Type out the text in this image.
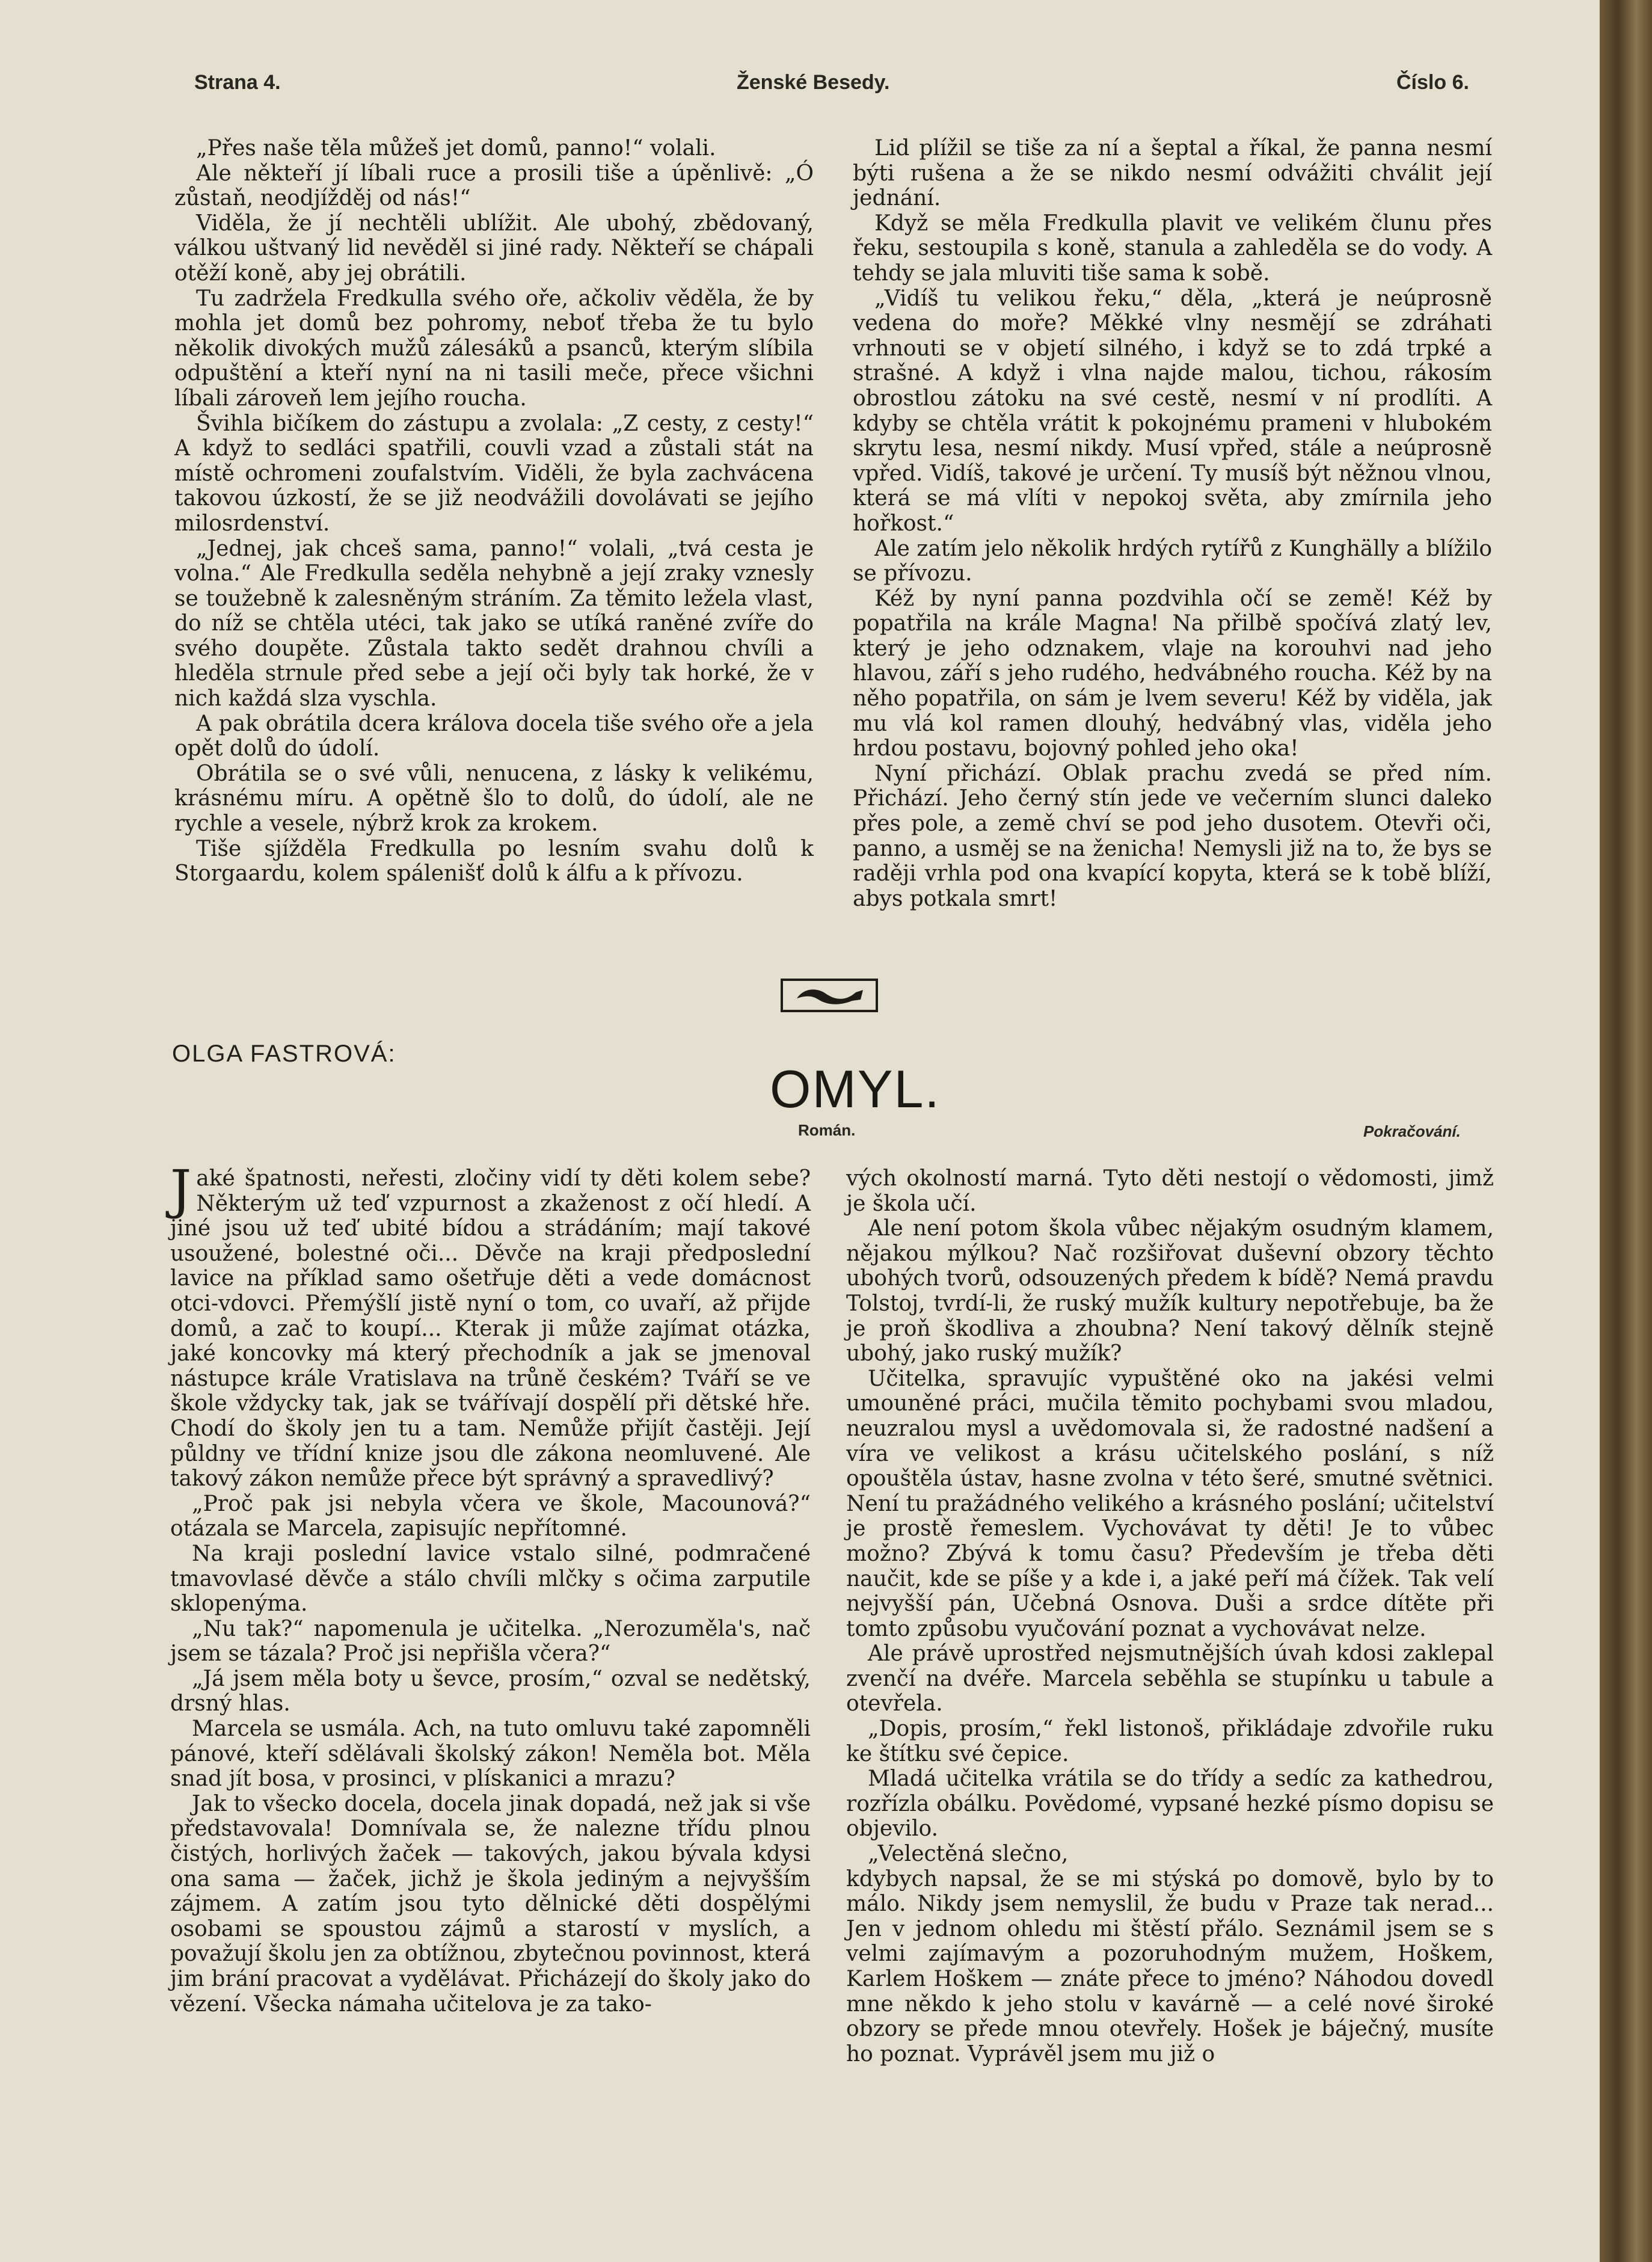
Strana 4.	Ženské Besedy.	Číslo 6.

„Přes naše těla můžeš jet domů, panno!“ volali.

Ale někteří jí líbali ruce a prosili tiše a úpěnlivě: „Ó zůstaň, neodjížděj od nás!“

Viděla, že jí nechtěli ublížit. Ale ubohý, zbědovaný, válkou uštvaný lid nevěděl si jiné rady. Někteří se chápali otěží koně, aby jej obrátili.

Tu zadržela Fredkulla svého oře, ačkoliv věděla, že by mohla jet domů bez pohromy, neboť třeba že tu bylo několik divokých mužů zálesáků a psanců, kterým slíbila odpuštění a kteří nyní na ni tasili meče, přece všichni líbali zároveň lem jejího roucha.

Švihla bičíkem do zástupu a zvolala: „Z cesty, z cesty!“ A když to sedláci spatřili, couvli vzad a zůstali stát na místě ochromeni zoufalstvím. Viděli, že byla zachvácena takovou úzkostí, že se již neodvážili dovolávati se jejího milosrdenství.

„Jednej, jak chceš sama, panno!“ volali, „tvá cesta je volna.“ Ale Fredkulla seděla nehybně a její zraky vznesly se toužebně k zalesněným stráním. Za těmito ležela vlast, do níž se chtěla utéci, tak jako se utíká raněné zvíře do svého doupěte. Zůstala takto sedět drahnou chvíli a hleděla strnule před sebe a její oči byly tak horké, že v nich každá slza vyschla.

A pak obrátila dcera králova docela tiše svého oře a jela opět dolů do údolí.

Obrátila se o své vůli, nenucena, z lásky k velikému, krásnému míru. A opětně šlo to dolů, do údolí, ale ne rychle a vesele, nýbrž krok za krokem.

Tiše sjížděla Fredkulla po lesním svahu dolů k Storgaardu, kolem spálenišť dolů k álfu a k přívozu.

Lid plížil se tiše za ní a šeptal a říkal, že panna nesmí býti rušena a že se nikdo nesmí odvážiti chválit její jednání.

Když se měla Fredkulla plavit ve velikém člunu přes řeku, sestoupila s koně, stanula a zahleděla se do vody. A tehdy se jala mluviti tiše sama k sobě.

„Vidíš tu velikou řeku,“ děla, „která je neúprosně vedena do moře? Měkké vlny nesmějí se zdráhati vrhnouti se v objetí silného, i když se to zdá trpké a strašné. A když i vlna najde malou, tichou, rákosím obrostlou zátoku na své cestě, nesmí v ní prodlíti. A kdyby se chtěla vrátit k pokojnému prameni v hlubokém skrytu lesa, nesmí nikdy. Musí vpřed, stále a neúprosně vpřed. Vidíš, takové je určení. Ty musíš být něžnou vlnou, která se má vlíti v nepokoj světa, aby zmírnila jeho hořkost.“

Ale zatím jelo několik hrdých rytířů z Kunghälly a blížilo se přívozu.

Kéž by nyní panna pozdvihla očí se země! Kéž by popatřila na krále Magna! Na přilbě spočívá zlatý lev, který je jeho odznakem, vlaje na korouhvi nad jeho hlavou, září s jeho rudého, hedvábného roucha. Kéž by na něho popatřila, on sám je lvem severu! Kéž by viděla, jak mu vlá kol ramen dlouhý, hedvábný vlas, viděla jeho hrdou postavu, bojovný pohled jeho oka!

Nyní přichází. Oblak prachu zvedá se před ním. Přichází. Jeho černý stín jede ve večerním slunci daleko přes pole, a země chví se pod jeho dusotem. Otevři oči, panno, a usměj se na ženicha! Nemysli již na to, že bys se raději vrhla pod ona kvapící kopyta, která se k tobě blíží, abys potkala smrt!

OLGA FASTROVÁ:
OMYL.
Román.	Pokračování.

Jaké špatnosti, neřesti, zločiny vidí ty děti kolem sebe? Některým už teď vzpurnost a zkaženost z očí hledí. A jiné jsou už teď ubité bídou a strádáním; mají takové usoužené, bolestné oči... Děvče na kraji předposlední lavice na příklad samo ošetřuje děti a vede domácnost otci-vdovci. Přemýšlí jistě nyní o tom, co uvaří, až přijde domů, a zač to koupí... Kterak ji může zajímat otázka, jaké koncovky má který přechodník a jak se jmenoval nástupce krále Vratislava na trůně českém? Tváří se ve škole vždycky tak, jak se tvářívají dospělí při dětské hře. Chodí do školy jen tu a tam. Nemůže přijít častěji. Její půldny ve třídní knize jsou dle zákona neomluvené. Ale takový zákon nemůže přece být správný a spravedlivý?

„Proč pak jsi nebyla včera ve škole, Macounová?“ otázala se Marcela, zapisujíc nepřítomné.

Na kraji poslední lavice vstalo silné, podmračené tmavovlasé děvče a stálo chvíli mlčky s očima zarputile sklopenýma.

„Nu tak?“ napomenula je učitelka. „Nerozuměla's, nač jsem se tázala? Proč jsi nepřišla včera?“

„Já jsem měla boty u ševce, prosím,“ ozval se nedětský, drsný hlas.

Marcela se usmála. Ach, na tuto omluvu také zapomněli pánové, kteří sdělávali školský zákon! Neměla bot. Měla snad jít bosa, v prosinci, v plískanici a mrazu?

Jak to všecko docela, docela jinak dopadá, než jak si vše představovala! Domnívala se, že nalezne třídu plnou čistých, horlivých žaček — takových, jakou bývala kdysi ona sama — žaček, jichž je škola jediným a nejvyšším zájmem. A zatím jsou tyto dělnické děti dospělými osobami se spoustou zájmů a starostí v myslích, a považují školu jen za obtížnou, zbytečnou povinnost, která jim brání pracovat a vydělávat. Přicházejí do školy jako do vězení. Všecka námaha učitelova je za tako-

vých okolností marná. Tyto děti nestojí o vědomosti, jimž je škola učí.

Ale není potom škola vůbec nějakým osudným klamem, nějakou mýlkou? Nač rozšiřovat duševní obzory těchto ubohých tvorů, odsouzených předem k bídě? Nemá pravdu Tolstoj, tvrdí-li, že ruský mužík kultury nepotřebuje, ba že je proň škodliva a zhoubna? Není takový dělník stejně ubohý, jako ruský mužík?

Učitelka, spravujíc vypuštěné oko na jakési velmi umouněné práci, mučila těmito pochybami svou mladou, neuzralou mysl a uvědomovala si, že radostné nadšení a víra ve velikost a krásu učitelského poslání, s níž opouštěla ústav, hasne zvolna v této šeré, smutné světnici. Není tu pražádného velikého a krásného poslání; učitelství je prostě řemeslem. Vychovávat ty děti! Je to vůbec možno? Zbývá k tomu času? Především je třeba děti naučit, kde se píše y a kde i, a jaké peří má čížek. Tak velí nejvyšší pán, Učebná Osnova. Duši a srdce dítěte při tomto způsobu vyučování poznat a vychovávat nelze.

Ale právě uprostřed nejsmutnějších úvah kdosi zaklepal zvenčí na dvéře. Marcela seběhla se stupínku u tabule a otevřela.

„Dopis, prosím,“ řekl listonoš, přikládaje zdvořile ruku ke štítku své čepice.

Mladá učitelka vrátila se do třídy a sedíc za kathedrou, rozřízla obálku. Povědomé, vypsané hezké písmo dopisu se objevilo.

„Velectěná slečno,

kdybych napsal, že se mi stýská po domově, bylo by to málo. Nikdy jsem nemyslil, že budu v Praze tak nerad... Jen v jednom ohledu mi štěstí přálo. Seznámil jsem se s velmi zajímavým a pozoruhodným mužem, Hoškem, Karlem Hoškem — znáte přece to jméno? Náhodou dovedl mne někdo k jeho stolu v kavárně — a celé nové široké obzory se přede mnou otevřely. Hošek je báječný, musíte ho poznat. Vyprávěl jsem mu již o
